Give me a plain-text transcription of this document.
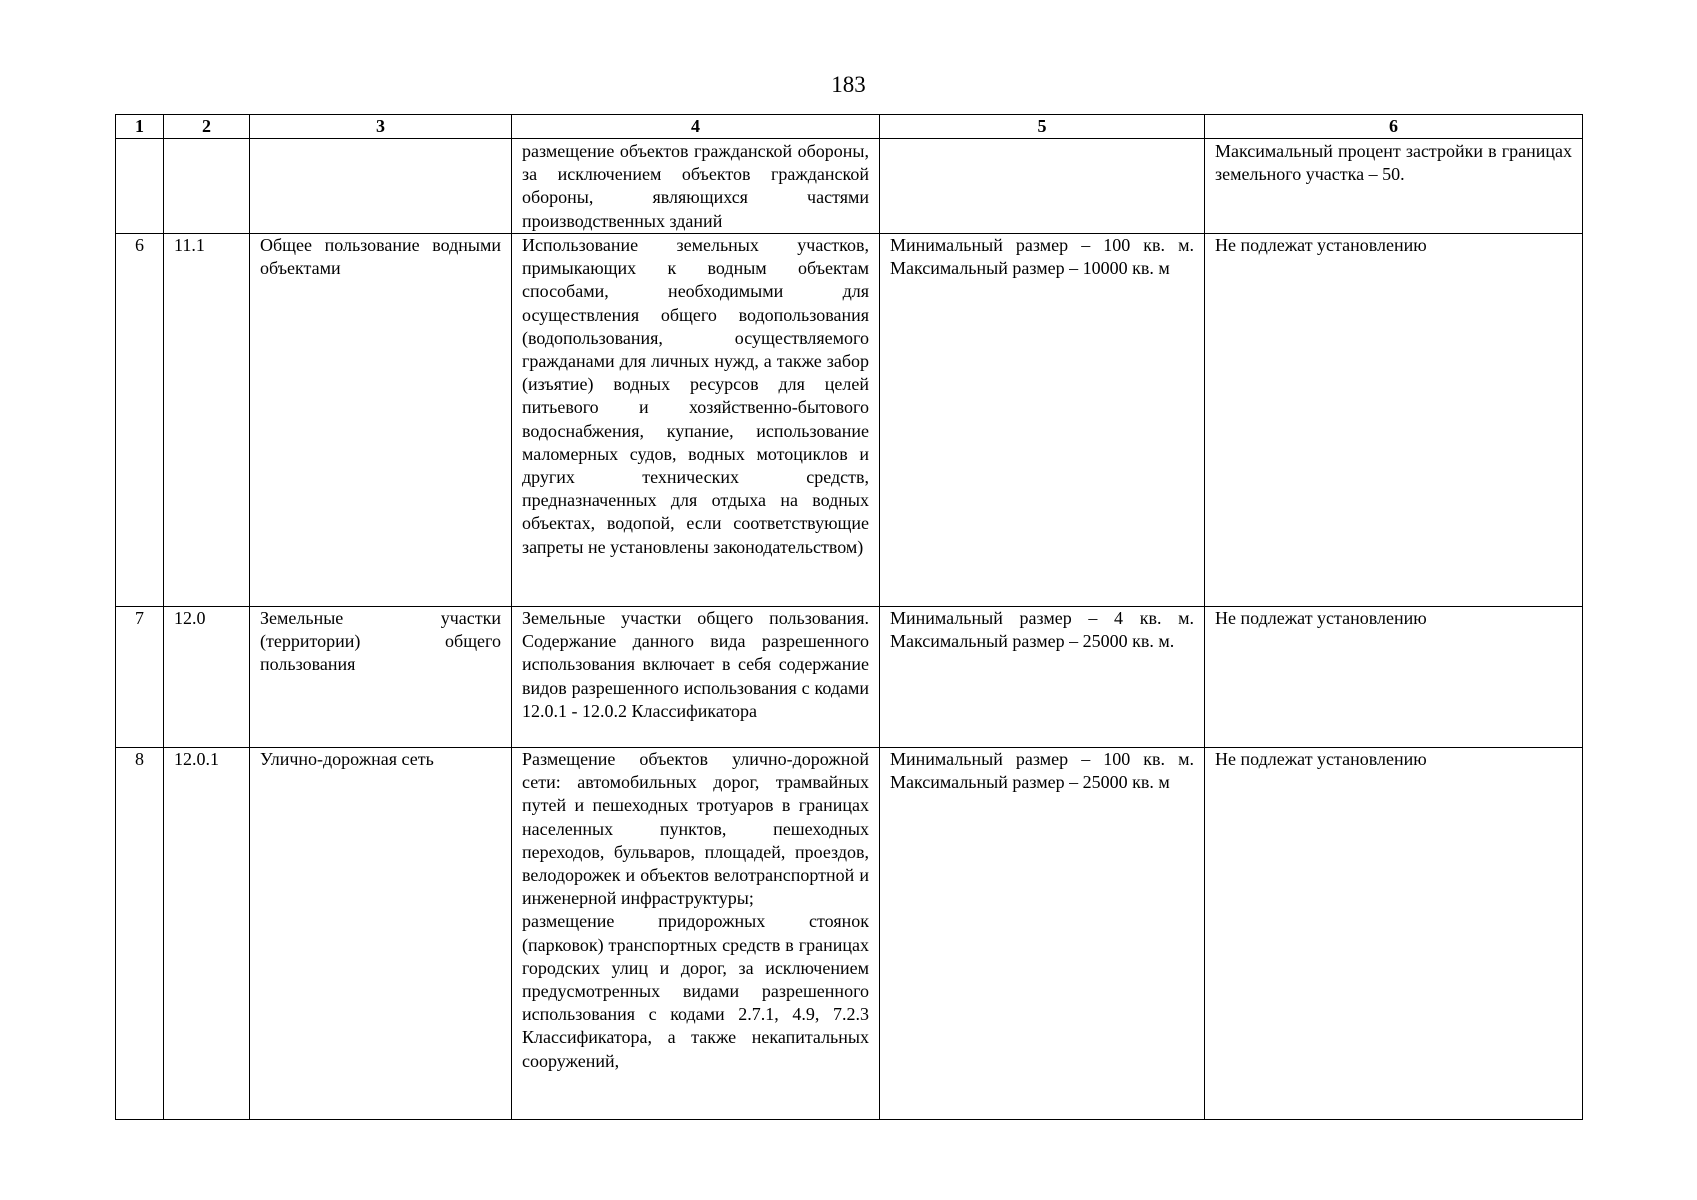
183
1	2	3	4	5	6
			размещение объектов гражданской обороны, за исключением объектов гражданской обороны, являющихся частями производственных зданий		Максимальный процент застройки в границах земельного участка – 50.
6	11.1	Общее пользование водными объектами	Использование земельных участков, примыкающих к водным объектам способами, необходимыми для осуществления общего водопользования (водопользования, осуществляемого гражданами для личных нужд, а также забор (изъятие) водных ресурсов для целей питьевого и хозяйственно-бытового водоснабжения, купание, использование маломерных судов, водных мотоциклов и других технических средств, предназначенных для отдыха на водных объектах, водопой, если соответствующие запреты не установлены законодательством)	Минимальный размер – 100 кв. м. Максимальный размер – 10000 кв. м	Не подлежат установлению
7	12.0	Земельные участки (территории) общего пользования	Земельные участки общего пользования. Содержание данного вида разрешенного использования включает в себя содержание видов разрешенного использования с кодами 12.0.1 - 12.0.2 Классификатора	Минимальный размер – 4 кв. м. Максимальный размер – 25000 кв. м.	Не подлежат установлению
8	12.0.1	Улично-дорожная сеть	Размещение объектов улично-дорожной сети: автомобильных дорог, трамвайных путей и пешеходных тротуаров в границах населенных пунктов, пешеходных переходов, бульваров, площадей, проездов, велодорожек и объектов велотранспортной и инженерной инфраструктуры;
размещение придорожных стоянок (парковок) транспортных средств в границах городских улиц и дорог, за исключением предусмотренных видами разрешенного использования с кодами 2.7.1, 4.9, 7.2.3 Классификатора, а также некапитальных сооружений,	Минимальный размер – 100 кв. м. Максимальный размер – 25000 кв. м	Не подлежат установлению
